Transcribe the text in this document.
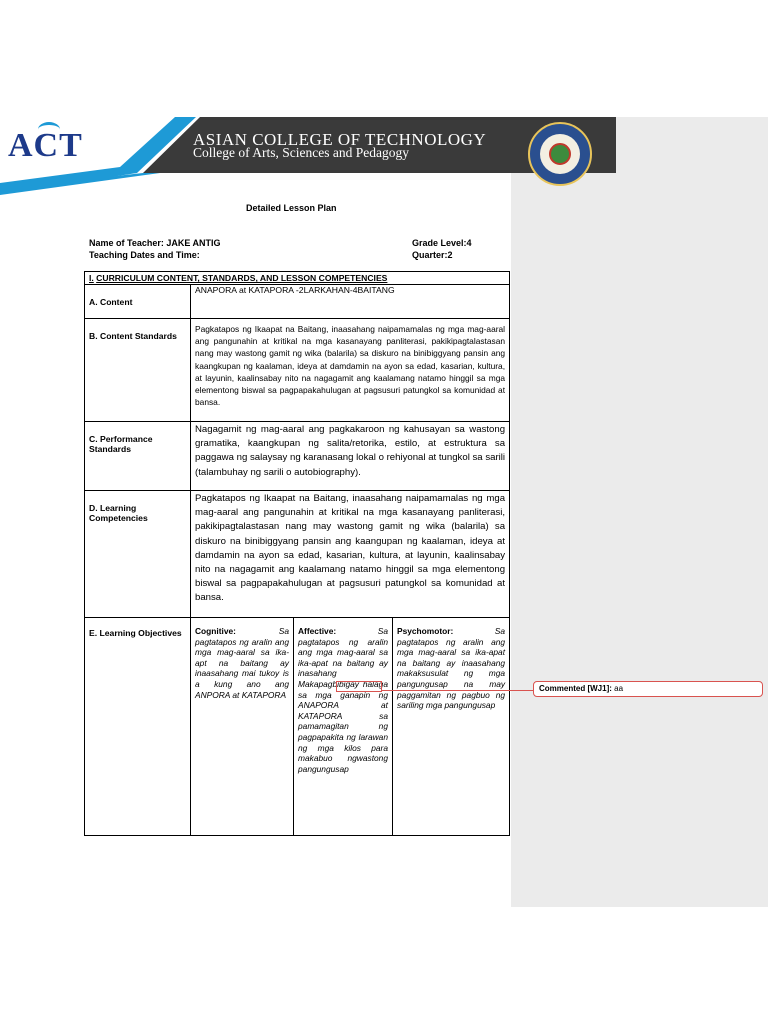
ACT	ASIAN COLLEGE OF TECHNOLOGY
College of Arts, Sciences and Pedagogy
Detailed Lesson Plan
Name of Teacher: JAKE ANTIG
Teaching Dates and Time:
Grade Level:4
Quarter:2
I. CURRICULUM CONTENT, STANDARDS, AND LESSON COMPETENCIES			
A. Content	ANAPORA at KATAPORA -2LARKAHAN-4BAITANG		
B. Content Standards	Pagkatapos ng Ikaapat na Baitang, inaasahang naipamamalas ng mga mag-aaral ang pangunahin at kritikal na mga kasanayang panliterasi, pakikipagtalastasan nang may wastong gamit ng wika (balarila) sa diskuro na binibiggyang pansin ang kaangkupan ng kaalaman, ideya at damdamin na ayon sa edad, kasarian, kultura, at layunin, kaalinsabay nito na nagagamit ang kaalamang natamo hinggil sa mga elementong biswal sa pagpapakahulugan at pagsusuri patungkol sa komunidad at bansa.		
C. Performance Standards	Nagagamit ng mag-aaral ang pagkakaroon ng kahusayan sa wastong gramatika, kaangkupan ng salita/retorika, estilo, at estruktura sa paggawa ng salaysay ng karanasang lokal o rehiyonal at tungkol sa sarili (talambuhay ng sarili o autobiography).		
D. Learning Competencies	Pagkatapos ng Ikaapat na Baitang, inaasahang naipamamalas ng mga mag-aaral ang pangunahin at kritikal na mga kasanayang panliterasi, pakikipagtalastasan nang may wastong gamit ng wika (balarila) sa diskuro na binibiggyang pansin ang kaangupan ng kaalaman, ideya at damdamin na ayon sa edad, kasarian, kultura, at layunin, kaalinsabay nito na nagagamit ang kaalamang natamo hinggil sa mga elementong biswal sa pagpapakahulugan at pagsusuri patungkol sa komunidad at bansa.		
E. Learning Objectives	Cognitive: Sa pagtatapos ng aralin ang mga mag-aaral sa ika-apt na baitang ay inaasahang mai tukoy is a kung ano ang ANPORA at KATAPORA	Affective: Sa pagtatapos ng aralin ang mga mag-aaral sa ika-apat na baitang ay inasahang Makapagbibigay halaga sa mga ganapin ng ANAPORA at KATAPORA sa pamamagitan ng pagpapakita ng larawan ng mga kilos para makabuo ngwastong pangungusap	Psychomotor: Sa pagtatapos ng aralin ang mga mag-aaral sa ika-apat na baitang ay inaasahang makaksusulat ng mga pangungusap na may paggamitan ng pagbuo ng sariling mga pangungusap
Commented [WJ1]: aa
